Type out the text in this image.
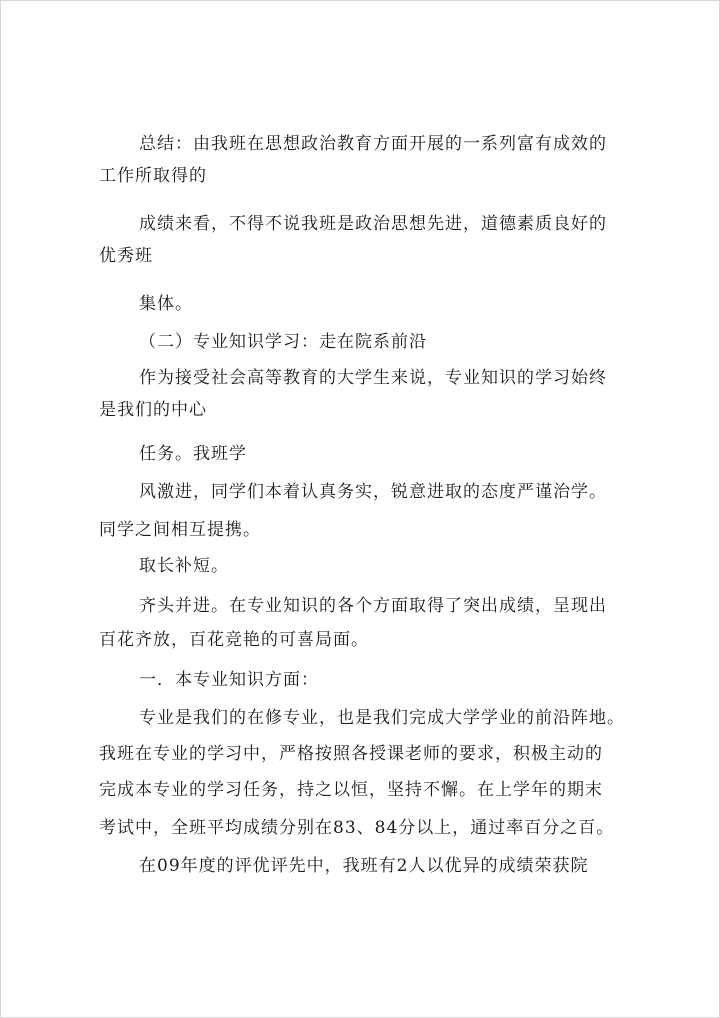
总结：由我班在思想政治教育方面开展的一系列富有成效的
工作所取得的
成绩来看，不得不说我班是政治思想先进，道德素质良好的
优秀班
集体。
（二）专业知识学习：走在院系前沿
作为接受社会高等教育的大学生来说，专业知识的学习始终
是我们的中心
任务。我班学
风激进，同学们本着认真务实，锐意进取的态度严谨治学。
同学之间相互提携。
取长补短。
齐头并进。在专业知识的各个方面取得了突出成绩，呈现出
百花齐放，百花竞艳的可喜局面。
一．本专业知识方面：
专业是我们的在修专业，也是我们完成大学学业的前沿阵地。
我班在专业的学习中，严格按照各授课老师的要求，积极主动的
完成本专业的学习任务，持之以恒，坚持不懈。在上学年的期末
考试中，全班平均成绩分别在83、84分以上，通过率百分之百。
在09年度的评优评先中，我班有2人以优异的成绩荣获院
